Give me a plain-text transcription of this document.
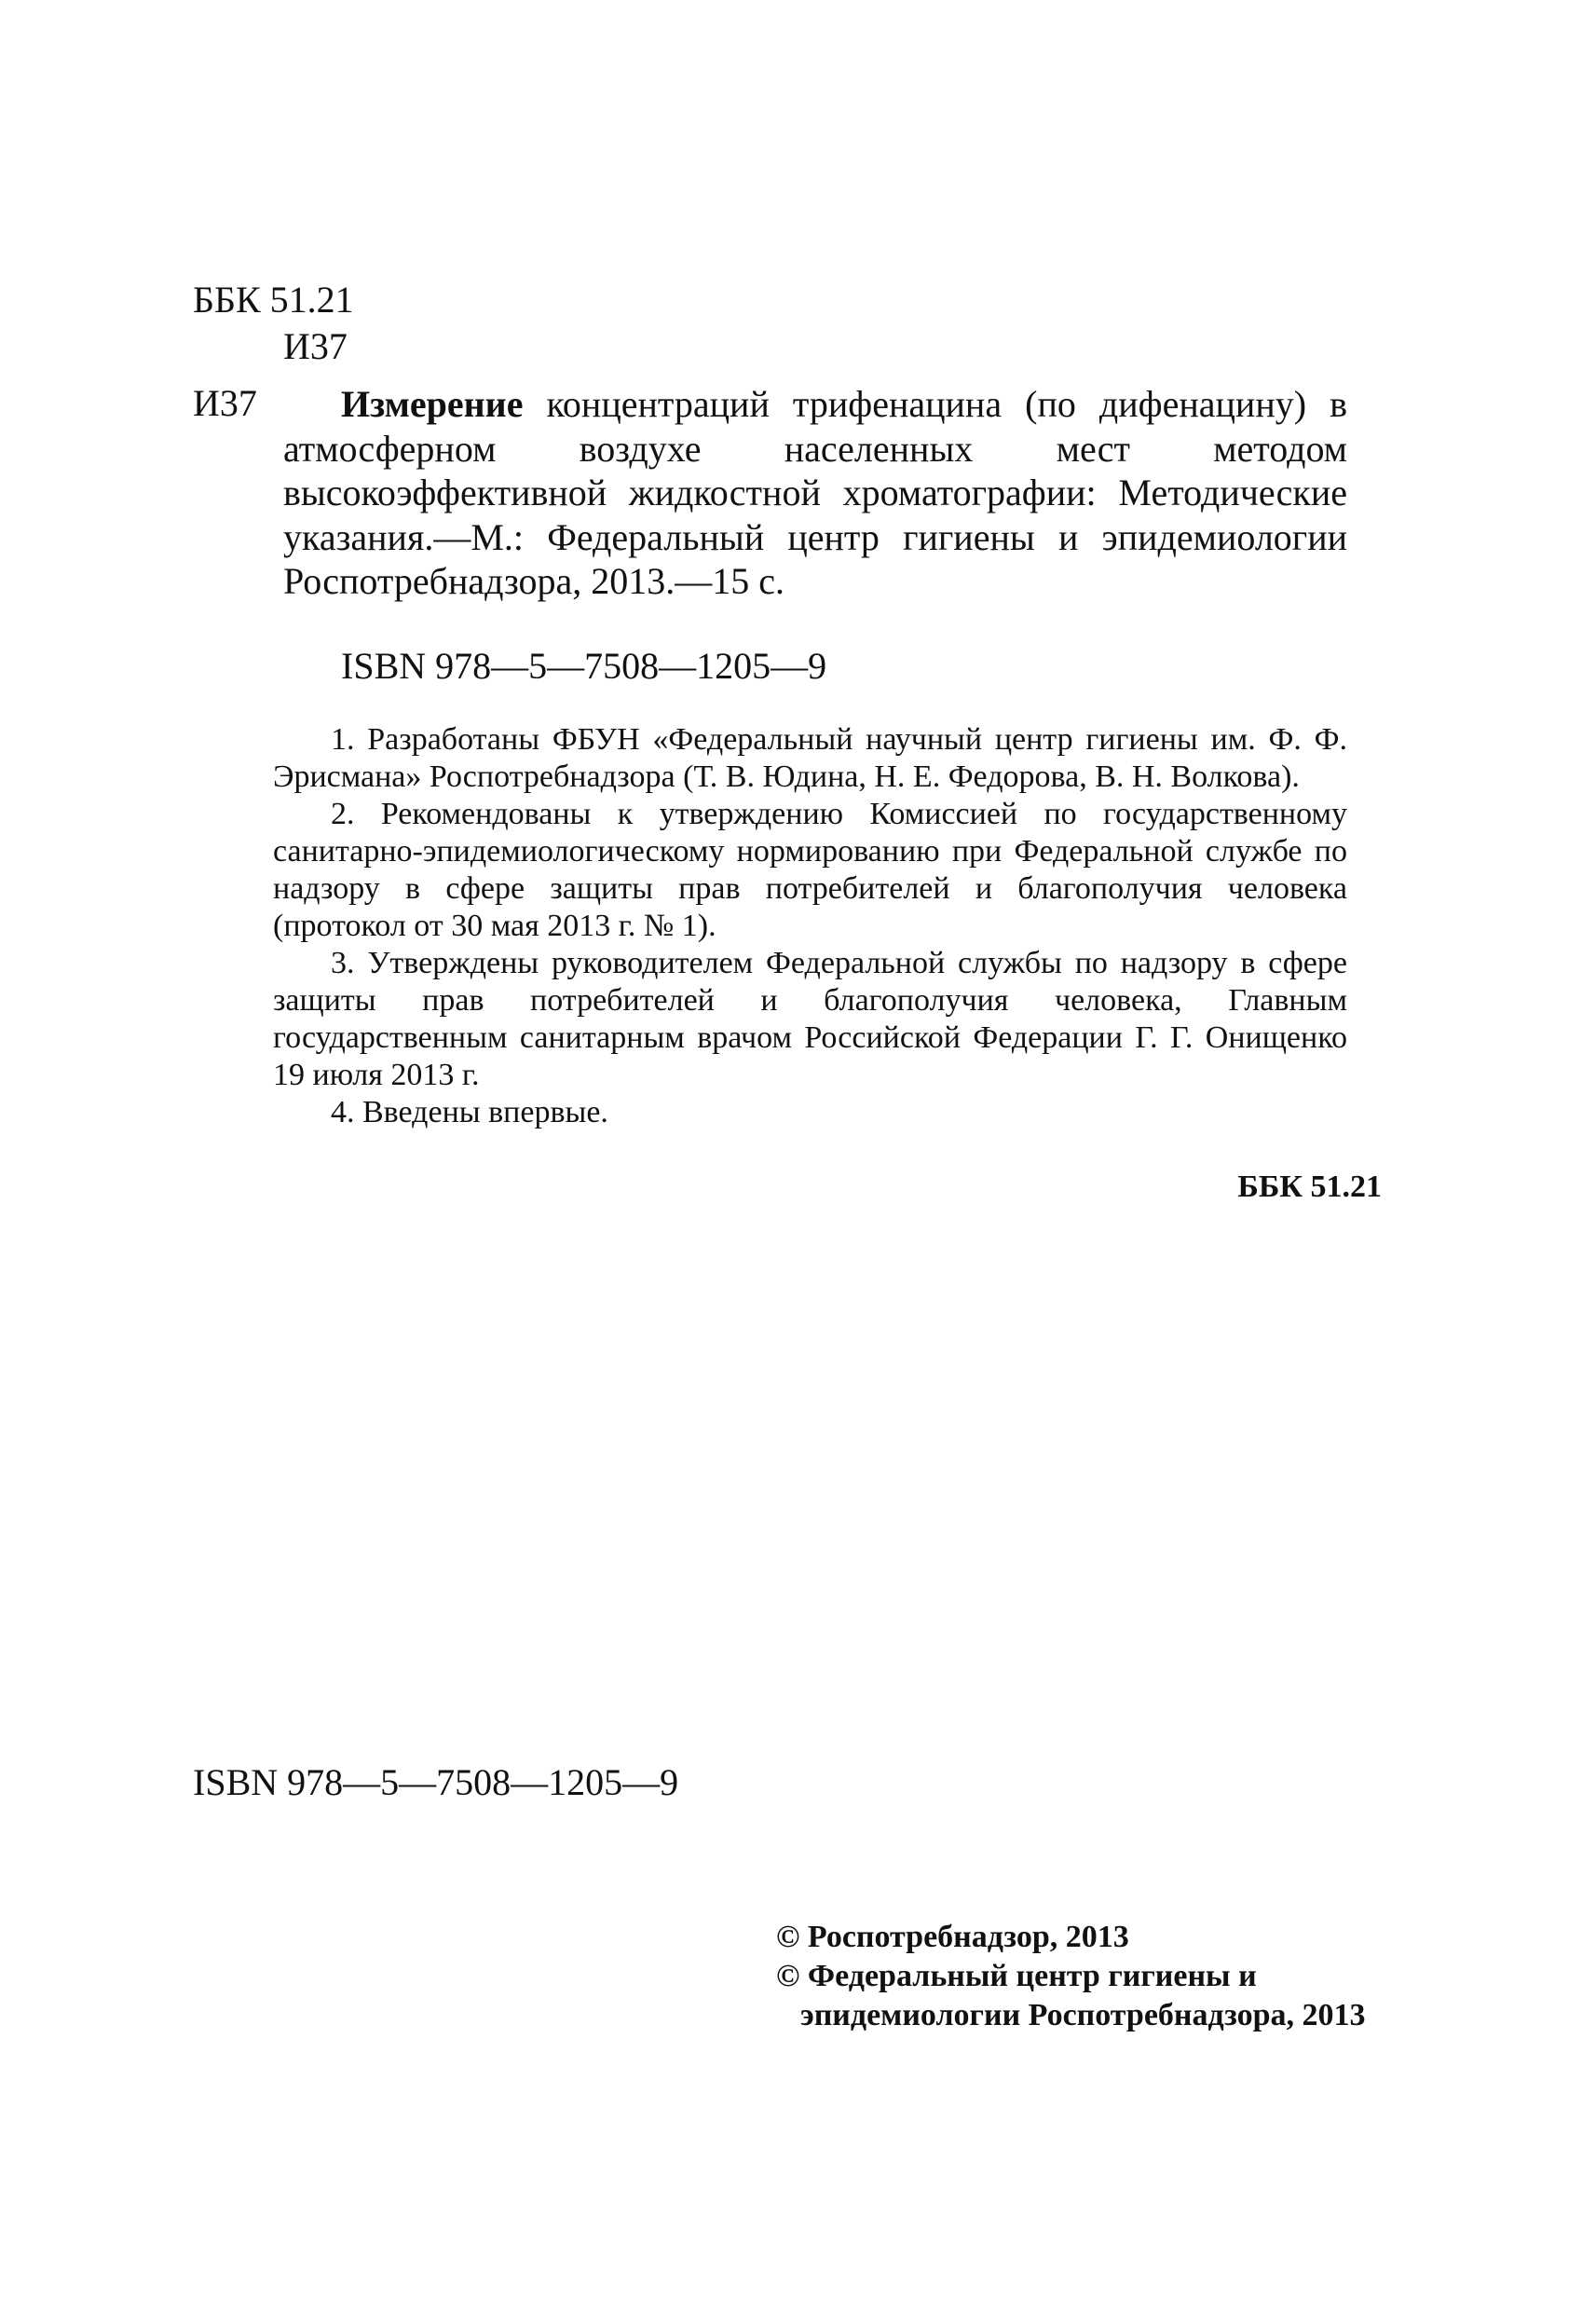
ББК 51.21
И37
И37	Измерение концентраций трифенацина (по дифенацину) в атмосферном воздухе населенных мест методом высокоэффективной жидкостной хроматографии: Методические указания.—М.: Федеральный центр гигиены и эпидемиологии Роспотребнадзора, 2013.—15 с.

ISBN 978—5—7508—1205—9

1. Разработаны ФБУН «Федеральный научный центр гигиены им. Ф. Ф. Эрисмана» Роспотребнадзора (Т. В. Юдина, Н. Е. Федорова, В. Н. Волкова).

2. Рекомендованы к утверждению Комиссией по государственному санитарно-эпидемиологическому нормированию при Федеральной службе по надзору в сфере защиты прав потребителей и благополучия человека (протокол от 30 мая 2013 г. № 1).

3. Утверждены руководителем Федеральной службы по надзору в сфере защиты прав потребителей и благополучия человека, Главным государственным санитарным врачом Российской Федерации Г. Г. Онищенко 19 июля 2013 г.

4. Введены впервые.

ББК 51.21
ISBN 978—5—7508—1205—9
© Роспотребнадзор, 2013
© Федеральный центр гигиены и
эпидемиологии Роспотребнадзора, 2013
